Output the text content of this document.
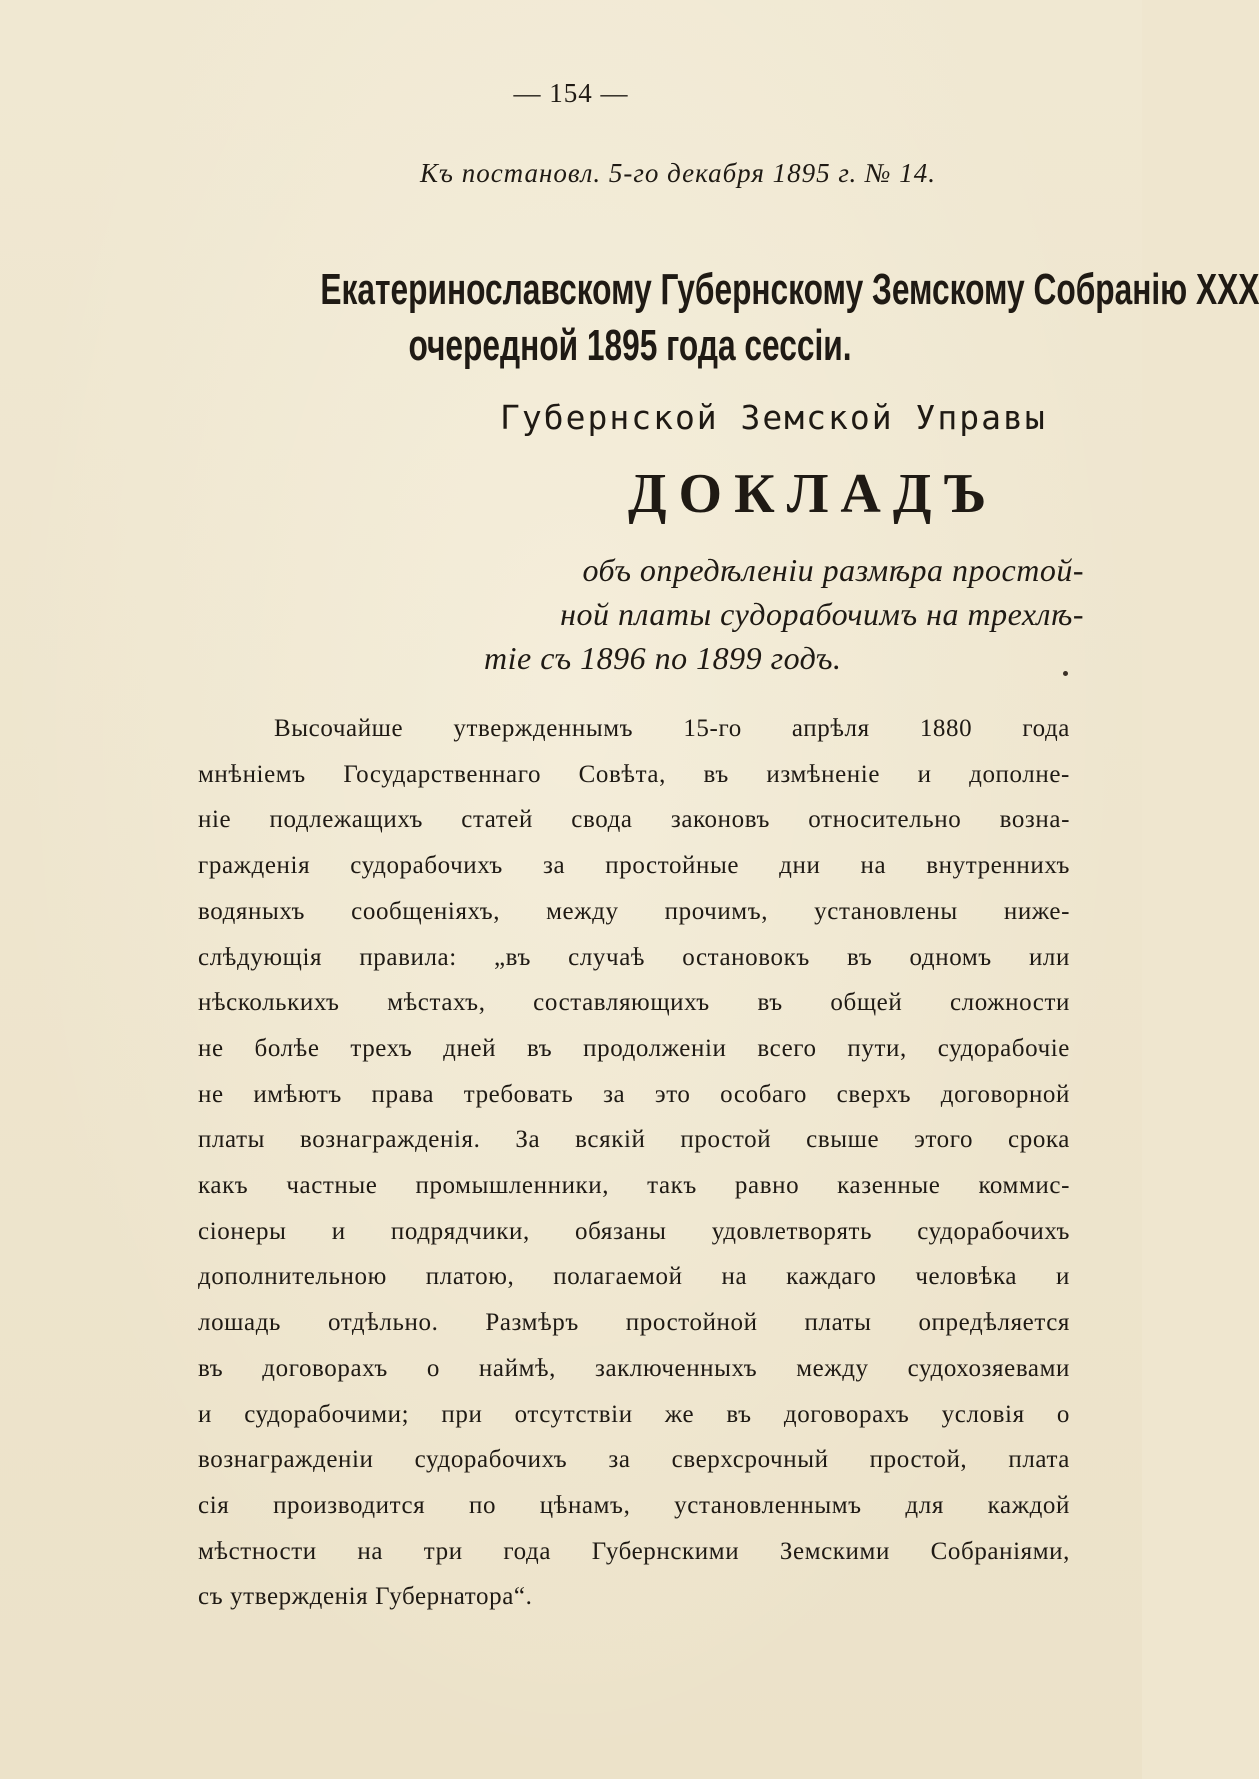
— 154 —
Къ постановл. 5-го декабря 1895 г. № 14.
Екатеринославскому Губернскому Земскому Собранію XXX
очередной 1895 года сессіи.
Губернской Земской Управы
ДОКЛАДЪ
объ опредѣленіи размѣра простой-
ной платы судорабочимъ на трехлѣ-
тіе съ 1896 по 1899 годъ.
Высочайше утвержденнымъ 15-го апрѣля 1880 года
мнѣніемъ Государственнаго Совѣта, въ измѣненіе и дополне-
ніе подлежащихъ статей свода законовъ относительно возна-
гражденія судорабочихъ за простойные дни на внутреннихъ
водяныхъ сообщеніяхъ, между прочимъ, установлены ниже-
слѣдующія правила: „въ случаѣ остановокъ въ одномъ или
нѣсколькихъ мѣстахъ, составляющихъ въ общей сложности
не болѣе трехъ дней въ продолженіи всего пути, судорабочіе
не имѣютъ права требовать за это особаго сверхъ договорной
платы вознагражденія. За всякій простой свыше этого срока
какъ частные промышленники, такъ равно казенные коммис-
сіонеры и подрядчики, обязаны удовлетворять судорабочихъ
дополнительною платою, полагаемой на каждаго человѣка и
лошадь отдѣльно. Размѣръ простойной платы опредѣляется
въ договорахъ о наймѣ, заключенныхъ между судохозяевами
и судорабочими; при отсутствіи же въ договорахъ условія о
вознагражденіи судорабочихъ за сверхсрочный простой, плата
сія производится по цѣнамъ, установленнымъ для каждой
мѣстности на три года Губернскими Земскими Собраніями,
съ утвержденія Губернатора“.
